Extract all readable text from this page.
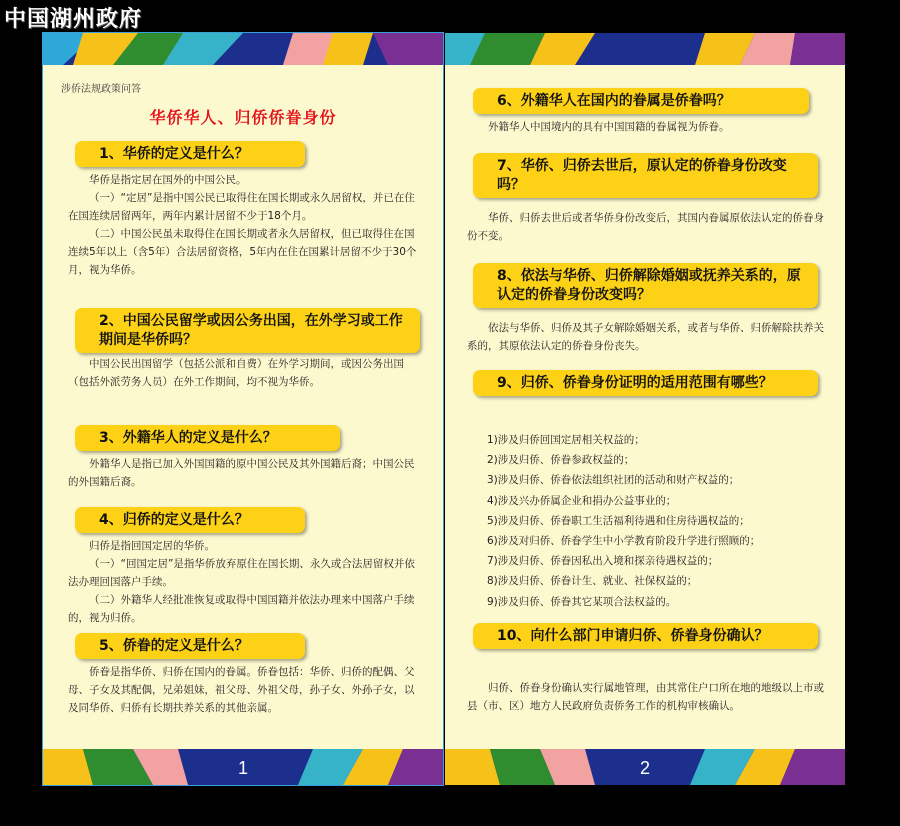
中国湖州政府
涉侨法规政策问答
华侨华人、归侨侨眷身份
1、华侨的定义是什么？
华侨是指定居在国外的中国公民。
（一）“定居”是指中国公民已取得住在国长期或永久居留权，并已在住在国连续居留两年，两年内累计居留不少于18个月。
（二）中国公民虽未取得住在国长期或者永久居留权，但已取得住在国连续5年以上（含5年）合法居留资格，5年内在住在国累计居留不少于30个月，视为华侨。
2、中国公民留学或因公务出国，在外学习或工作期间是华侨吗？
中国公民出国留学（包括公派和自费）在外学习期间，或因公务出国（包括外派劳务人员）在外工作期间，均不视为华侨。
3、外籍华人的定义是什么？
外籍华人是指已加入外国国籍的原中国公民及其外国籍后裔；中国公民的外国籍后裔。
4、归侨的定义是什么？
归侨是指回国定居的华侨。
（一）“回国定居”是指华侨放弃原住在国长期、永久或合法居留权并依法办理回国落户手续。
（二）外籍华人经批准恢复或取得中国国籍并依法办理来中国落户手续的，视为归侨。
5、侨眷的定义是什么？
侨眷是指华侨、归侨在国内的眷属。侨眷包括：华侨、归侨的配偶、父母、子女及其配偶，兄弟姐妹，祖父母、外祖父母，孙子女、外孙子女，以及同华侨、归侨有长期扶养关系的其他亲属。
1
6、外籍华人在国内的眷属是侨眷吗？
外籍华人中国境内的具有中国国籍的眷属视为侨眷。
7、华侨、归侨去世后，原认定的侨眷身份改变吗？
华侨、归侨去世后或者华侨身份改变后，其国内眷属原依法认定的侨眷身份不变。
8、依法与华侨、归侨解除婚姻或抚养关系的，原认定的侨眷身份改变吗？
依法与华侨、归侨及其子女解除婚姻关系，或者与华侨、归侨解除扶养关系的，其原依法认定的侨眷身份丧失。
9、归侨、侨眷身份证明的适用范围有哪些？
1)涉及归侨回国定居相关权益的；
2)涉及归侨、侨眷参政权益的；
3)涉及归侨、侨眷依法组织社团的活动和财产权益的；
4)涉及兴办侨属企业和捐办公益事业的；
5)涉及归侨、侨眷职工生活福利待遇和住房待遇权益的；
6)涉及对归侨、侨眷学生中小学教育阶段升学进行照顾的；
7)涉及归侨、侨眷因私出入境和探亲待遇权益的；
8)涉及归侨、侨眷计生、就业、社保权益的；
9)涉及归侨、侨眷其它某项合法权益的。
10、向什么部门申请归侨、侨眷身份确认？
归侨、侨眷身份确认实行属地管理，由其常住户口所在地的地级以上市或县（市、区）地方人民政府负责侨务工作的机构审核确认。
2
